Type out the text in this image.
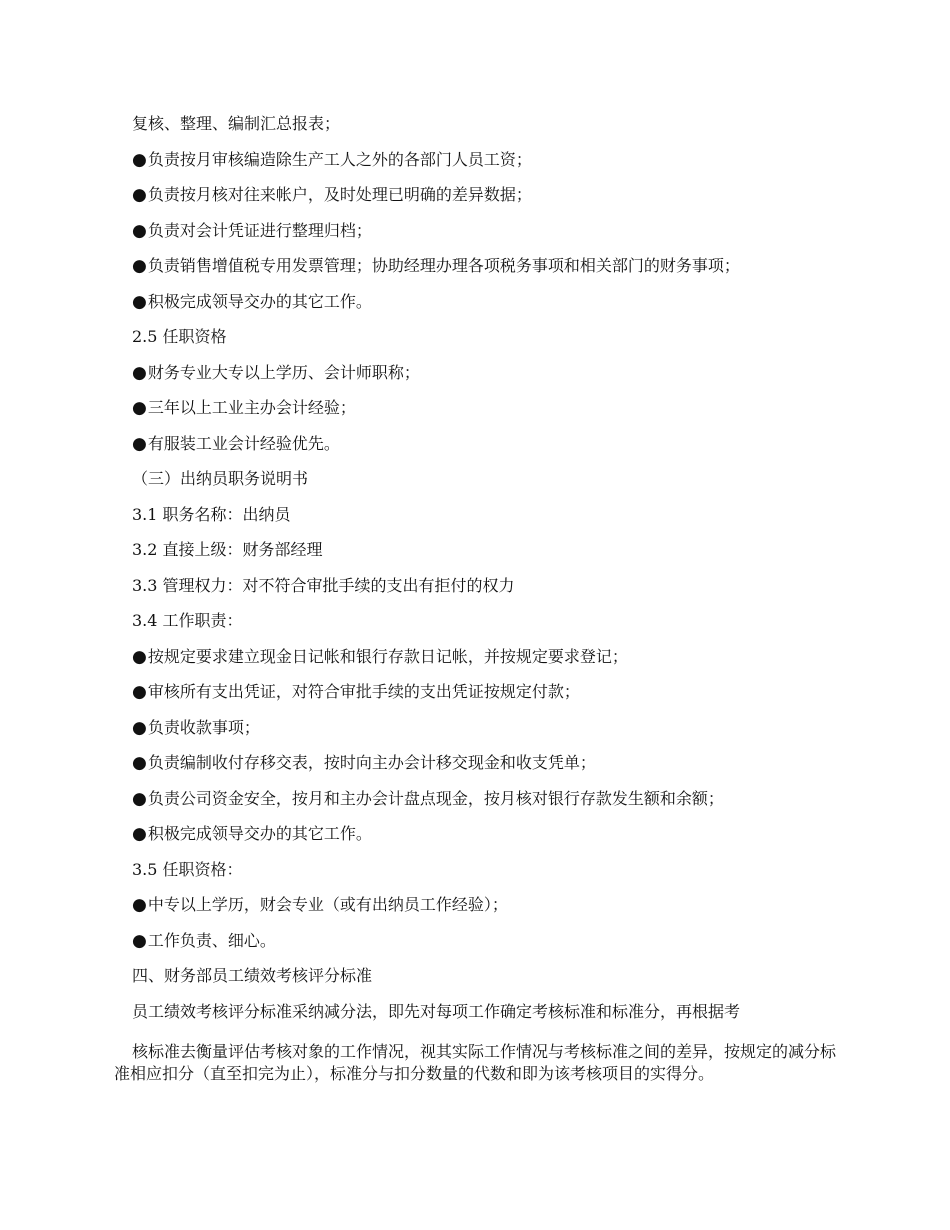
复核、整理、编制汇总报表；
●负责按月审核编造除生产工人之外的各部门人员工资；
●负责按月核对往来帐户，及时处理已明确的差异数据；
●负责对会计凭证进行整理归档；
●负责销售增值税专用发票管理；协助经理办理各项税务事项和相关部门的财务事项；
●积极完成领导交办的其它工作。
2.5 任职资格
●财务专业大专以上学历、会计师职称；
●三年以上工业主办会计经验；
●有服装工业会计经验优先。
（三）出纳员职务说明书
3.1 职务名称：出纳员
3.2 直接上级：财务部经理
3.3 管理权力：对不符合审批手续的支出有拒付的权力
3.4 工作职责：
●按规定要求建立现金日记帐和银行存款日记帐，并按规定要求登记；
●审核所有支出凭证，对符合审批手续的支出凭证按规定付款；
●负责收款事项；
●负责编制收付存移交表，按时向主办会计移交现金和收支凭单；
●负责公司资金安全，按月和主办会计盘点现金，按月核对银行存款发生额和余额；
●积极完成领导交办的其它工作。
3.5 任职资格：
●中专以上学历，财会专业（或有出纳员工作经验）；
●工作负责、细心。
四、财务部员工绩效考核评分标准
员工绩效考核评分标准采纳减分法，即先对每项工作确定考核标准和标准分，再根据考
核标准去衡量评估考核对象的工作情况，视其实际工作情况与考核标准之间的差异，按规定的减分标准相应扣分（直至扣完为止），标准分与扣分数量的代数和即为该考核项目的实得分。
